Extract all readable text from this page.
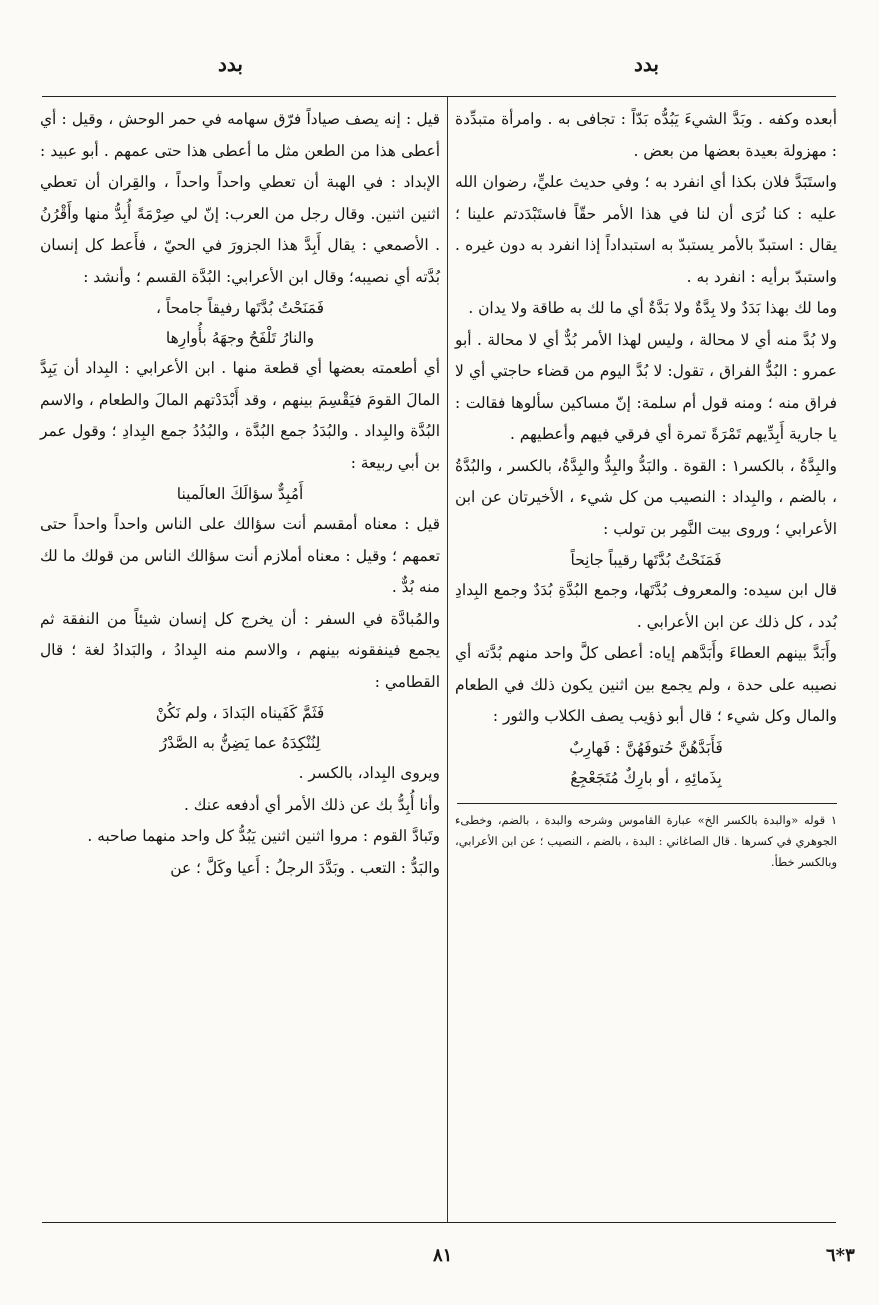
بدد
بدد

أبعده وكفه . وبَدَّ الشيءَ يَبُدُّه بَدّاً : تجافى به . وامرأة متبدِّدة : مهزولة بعيدة بعضها من بعض .

واستَبَدَّ فلان بكذا أي انفرد به ؛ وفي حديث عليٍّ، رضوان الله عليه : كنا نُرَى أن لنا في هذا الأمر حقّاً فاستَبْدَدتم علينا ؛ يقال : استبدّ بالأمر يستبدّ به استبداداً إذا انفرد به دون غيره . واستبدّ برأيه : انفرد به .

وما لك بهذا بَدَدٌ ولا بِدَّةٌ ولا بَدَّةٌ أي ما لك به طاقة ولا يدان .

ولا بُدَّ منه أي لا محالة ، وليس لهذا الأمر بُدٌّ أي لا محالة . أبو عمرو : البُدُّ الفراق ، تقول: لا بُدَّ اليوم من قضاء حاجتي أي لا فراق منه ؛ ومنه قول أم سلمة: إنّ مساكين سألوها فقالت : يا جارية أَبِدِّيهم تَمْرَةً تمرة أي فرقي فيهم وأعطيهم .

والبِدَّةُ ، بالكسر١ : القوة . والبَدُّ والبِدُّ والبِدَّةُ، بالكسر ، والبُدَّةُ ، بالضم ، والبِداد : النصيب من كل شيء ، الأخيرتان عن ابن الأعرابي ؛ وروى بيت النَّمِر بن تولب :

فَمَنَحْتُ بُدَّتَها رقيباً جانِحاً

قال ابن سيده: والمعروف بُدَّتَها، وجمع البُدَّةِ بُدَدٌ وجمع البِدادِ بُدد ، كل ذلك عن ابن الأعرابي .

وأَبَدَّ بينهم العطاءَ وأَبَدَّهم إياه: أعطى كلَّ واحد منهم بُدَّته أي نصيبه على حدة ، ولم يجمع بين اثنين يكون ذلك في الطعام والمال وكل شيء ؛ قال أبو ذؤيب يصف الكلاب والثور :

فَأَبَدَّهُنَّ حُتوفَهُنَّ : فَهارِبٌ

بِذَمائِهِ ، أو بارِكٌ مُتَجَعْجِعُ

١ قوله «والبدة بالكسر الخ» عبارة القاموس وشرحه والبدة ، بالضم، وخطىء الجوهري في كسرها . قال الصاغاني : البدة ، بالضم ، النصيب ؛ عن ابن الأعرابي، وبالكسر خطأ.

قيل : إنه يصف صياداً فرّق سهامه في حمر الوحش ، وقيل : أي أعطى هذا من الطعن مثل ما أعطى هذا حتى عمهم . أبو عبيد : الإبداد : في الهبة أن تعطي واحداً واحداً ، والقِران أن تعطي اثنين اثنين. وقال رجل من العرب: إنّ لي صِرْمَةً أُبِدُّ منها وأَقْرُنُ . الأصمعي : يقال أَبِدَّ هذا الجزورَ في الحيّ ، فأَعط كل إنسان بُدَّته أي نصيبه؛ وقال ابن الأعرابي: البُدَّة القسم ؛ وأنشد :

فَمَنَحْتُ بُدَّتَها رفيقاً جامحاً ،

والنارُ تَلْفَحُ وجهَهُ بأُوارِها

أي أطعمته بعضها أي قطعة منها . ابن الأعرابي : البِداد أن يَبِدَّ المالَ القومَ فيَقْسِمَ بينهم ، وقد أَبْدَدْتهم المالَ والطعام ، والاسم البُدَّة والبِداد . والبُدَدُ جمع البُدَّة ، والبُدُدُ جمع البِدادِ ؛ وقول عمر بن أبي ربيعة :

أَمُبِدٌّ سؤالَكَ العالَمينا

قيل : معناه أمقسم أنت سؤالك على الناس واحداً واحداً حتى تعمهم ؛ وقيل : معناه أملازم أنت سؤالك الناس من قولك ما لك منه بُدٌّ .

والمُبادَّة في السفر : أن يخرج كل إنسان شيئاً من النفقة ثم يجمع فينفقونه بينهم ، والاسم منه البِدادُ ، والبَدادُ لغة ؛ قال القطامي :

فَثَمَّ كَفَيناه البَدادَ ، ولم نَكُنْ

لِنُنْكِدَهُ عما يَضِنُّ به الصَّدْرُ

ويروى البِداد، بالكسر .

وأنا أُبِدُّ بك عن ذلك الأمر أي أدفعه عنك .

وتَبادَّ القوم : مروا اثنين اثنين يَبُدُّ كل واحد منهما صاحبه .

والبَدُّ : التعب . وبَدَّدَ الرجلُ : أَعيا وكَلَّ ؛ عن

٨١	٣*٦
